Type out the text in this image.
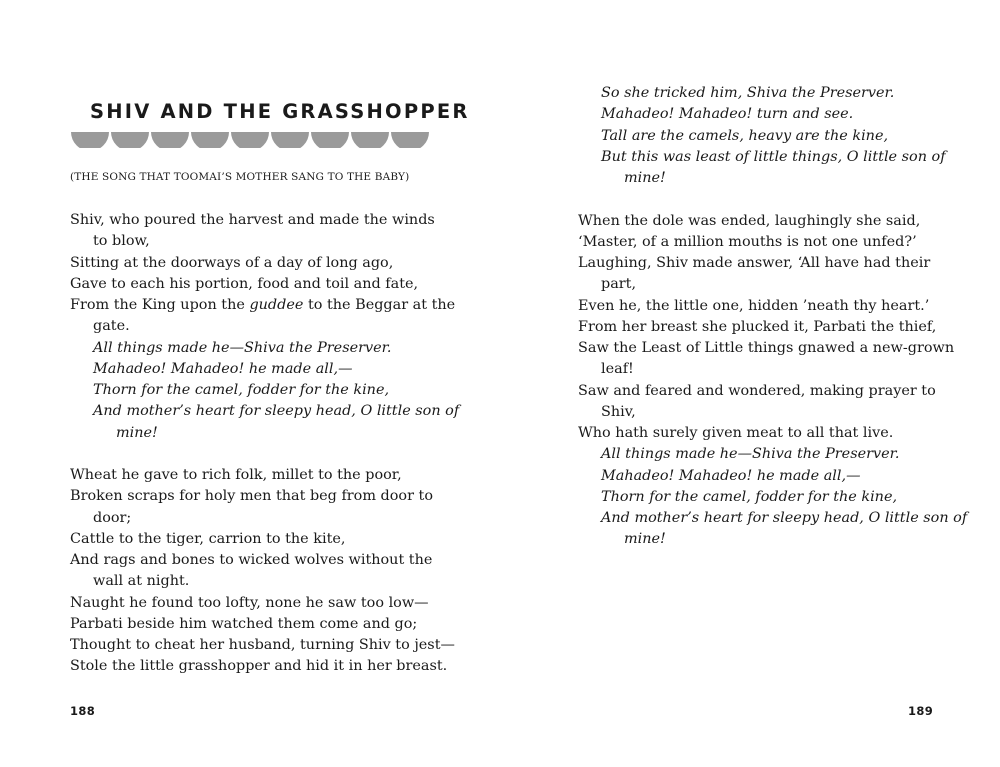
SHIV AND THE GRASSHOPPER
(THE SONG THAT TOOMAI’S MOTHER SANG TO THE BABY)
Shiv, who poured the harvest and made the winds
to blow,
Sitting at the doorways of a day of long ago,
Gave to each his portion, food and toil and fate,
From the King upon the guddee to the Beggar at the
gate.
All things made he—Shiva the Preserver.
Mahadeo! Mahadeo! he made all,—
Thorn for the camel, fodder for the kine,
And mother’s heart for sleepy head, O little son of
mine!
Wheat he gave to rich folk, millet to the poor,
Broken scraps for holy men that beg from door to
door;
Cattle to the tiger, carrion to the kite,
And rags and bones to wicked wolves without the
wall at night.
Naught he found too lofty, none he saw too low—
Parbati beside him watched them come and go;
Thought to cheat her husband, turning Shiv to jest—
Stole the little grasshopper and hid it in her breast.
188
So she tricked him, Shiva the Preserver.
Mahadeo! Mahadeo! turn and see.
Tall are the camels, heavy are the kine,
But this was least of little things, O little son of
mine!
When the dole was ended, laughingly she said,
‘Master, of a million mouths is not one unfed?’
Laughing, Shiv made answer, ‘All have had their
part,
Even he, the little one, hidden ’neath thy heart.’
From her breast she plucked it, Parbati the thief,
Saw the Least of Little things gnawed a new-grown
leaf!
Saw and feared and wondered, making prayer to
Shiv,
Who hath surely given meat to all that live.
All things made he—Shiva the Preserver.
Mahadeo! Mahadeo! he made all,—
Thorn for the camel, fodder for the kine,
And mother’s heart for sleepy head, O little son of
mine!
189
